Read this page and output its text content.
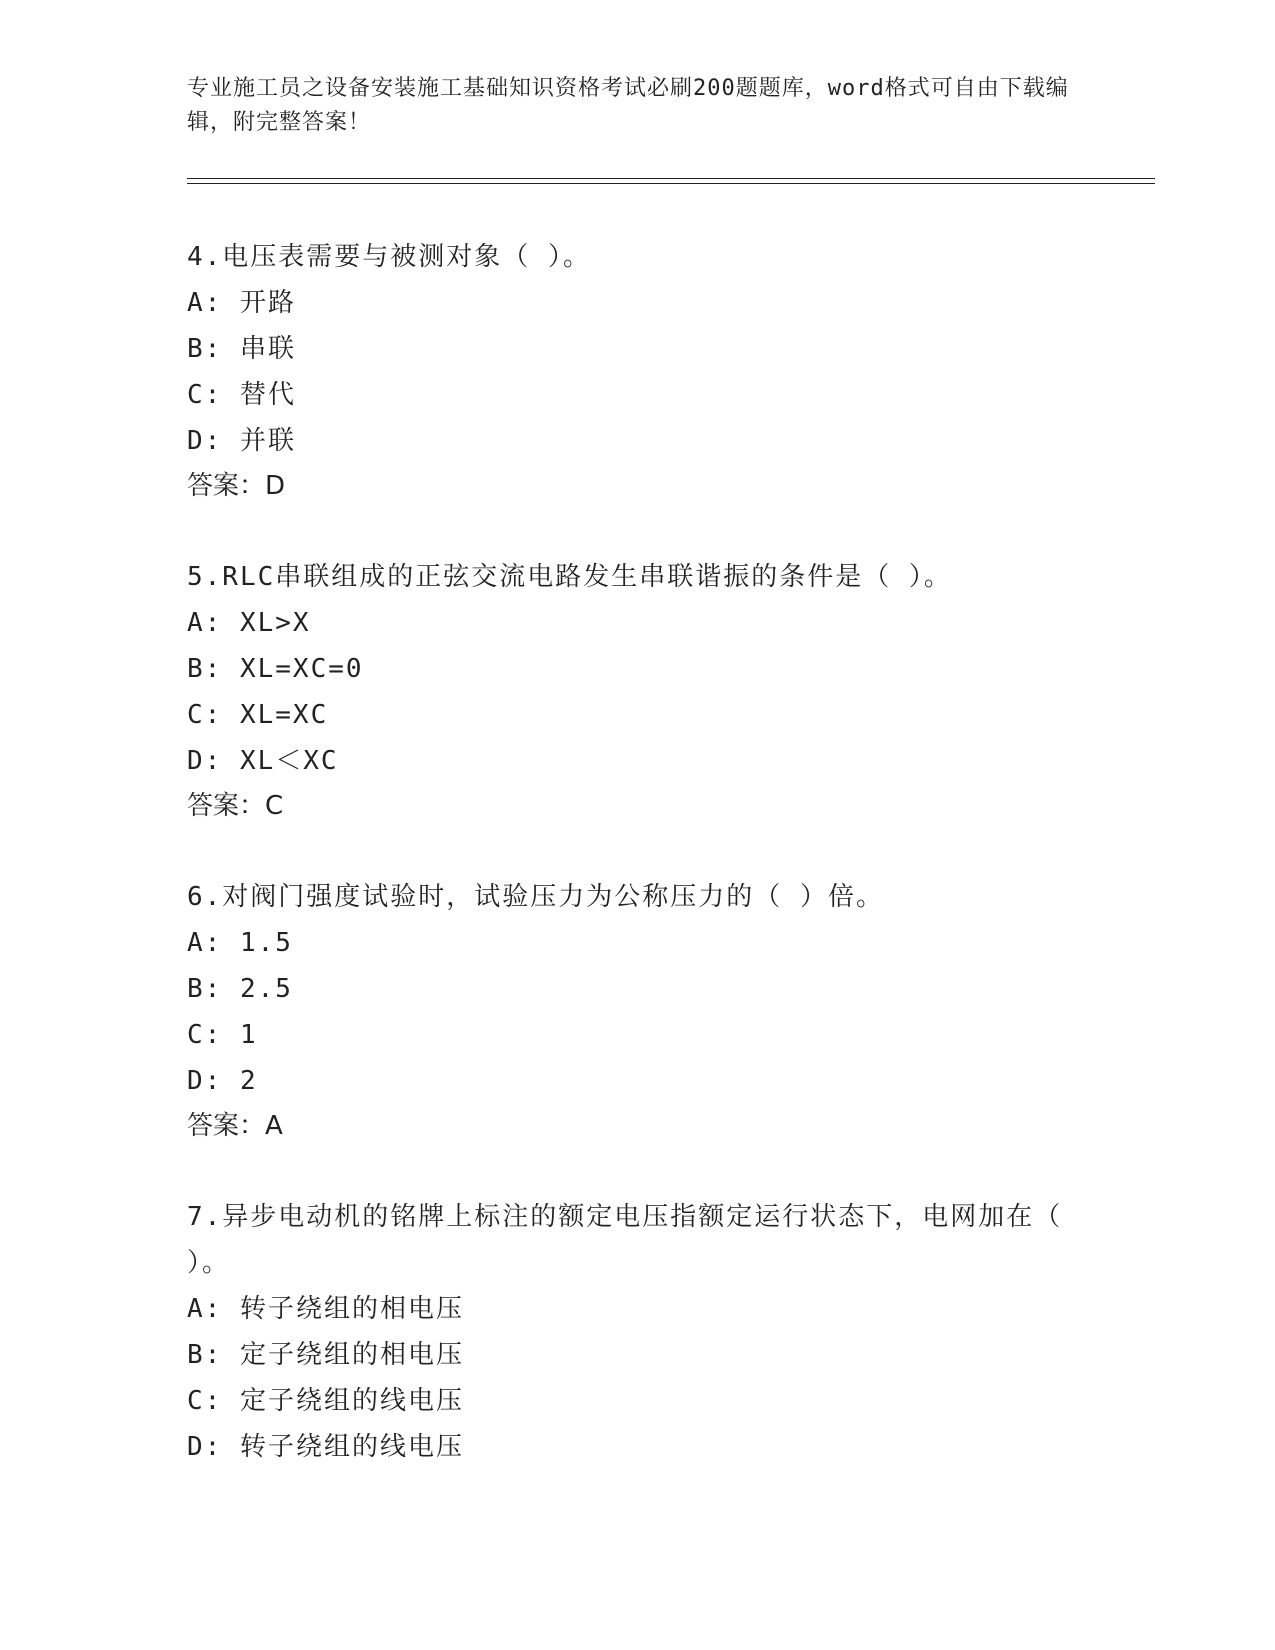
专业施工员之设备安装施工基础知识资格考试必刷200题题库，word格式可自由下载编辑，附完整答案！

4.电压表需要与被测对象（ ）。

A: 开路

B: 串联

C: 替代

D: 并联

答案：D

5.RLC串联组成的正弦交流电路发生串联谐振的条件是（ ）。

A: XL>X

B: XL=XC=0

C: XL=XC

D: XL＜XC

答案：C

6.对阀门强度试验时，试验压力为公称压力的（ ）倍。

A: 1.5

B: 2.5

C: 1

D: 2

答案：A

7.异步电动机的铭牌上标注的额定电压指额定运行状态下，电网加在（ ）。

A: 转子绕组的相电压

B: 定子绕组的相电压

C: 定子绕组的线电压

D: 转子绕组的线电压
